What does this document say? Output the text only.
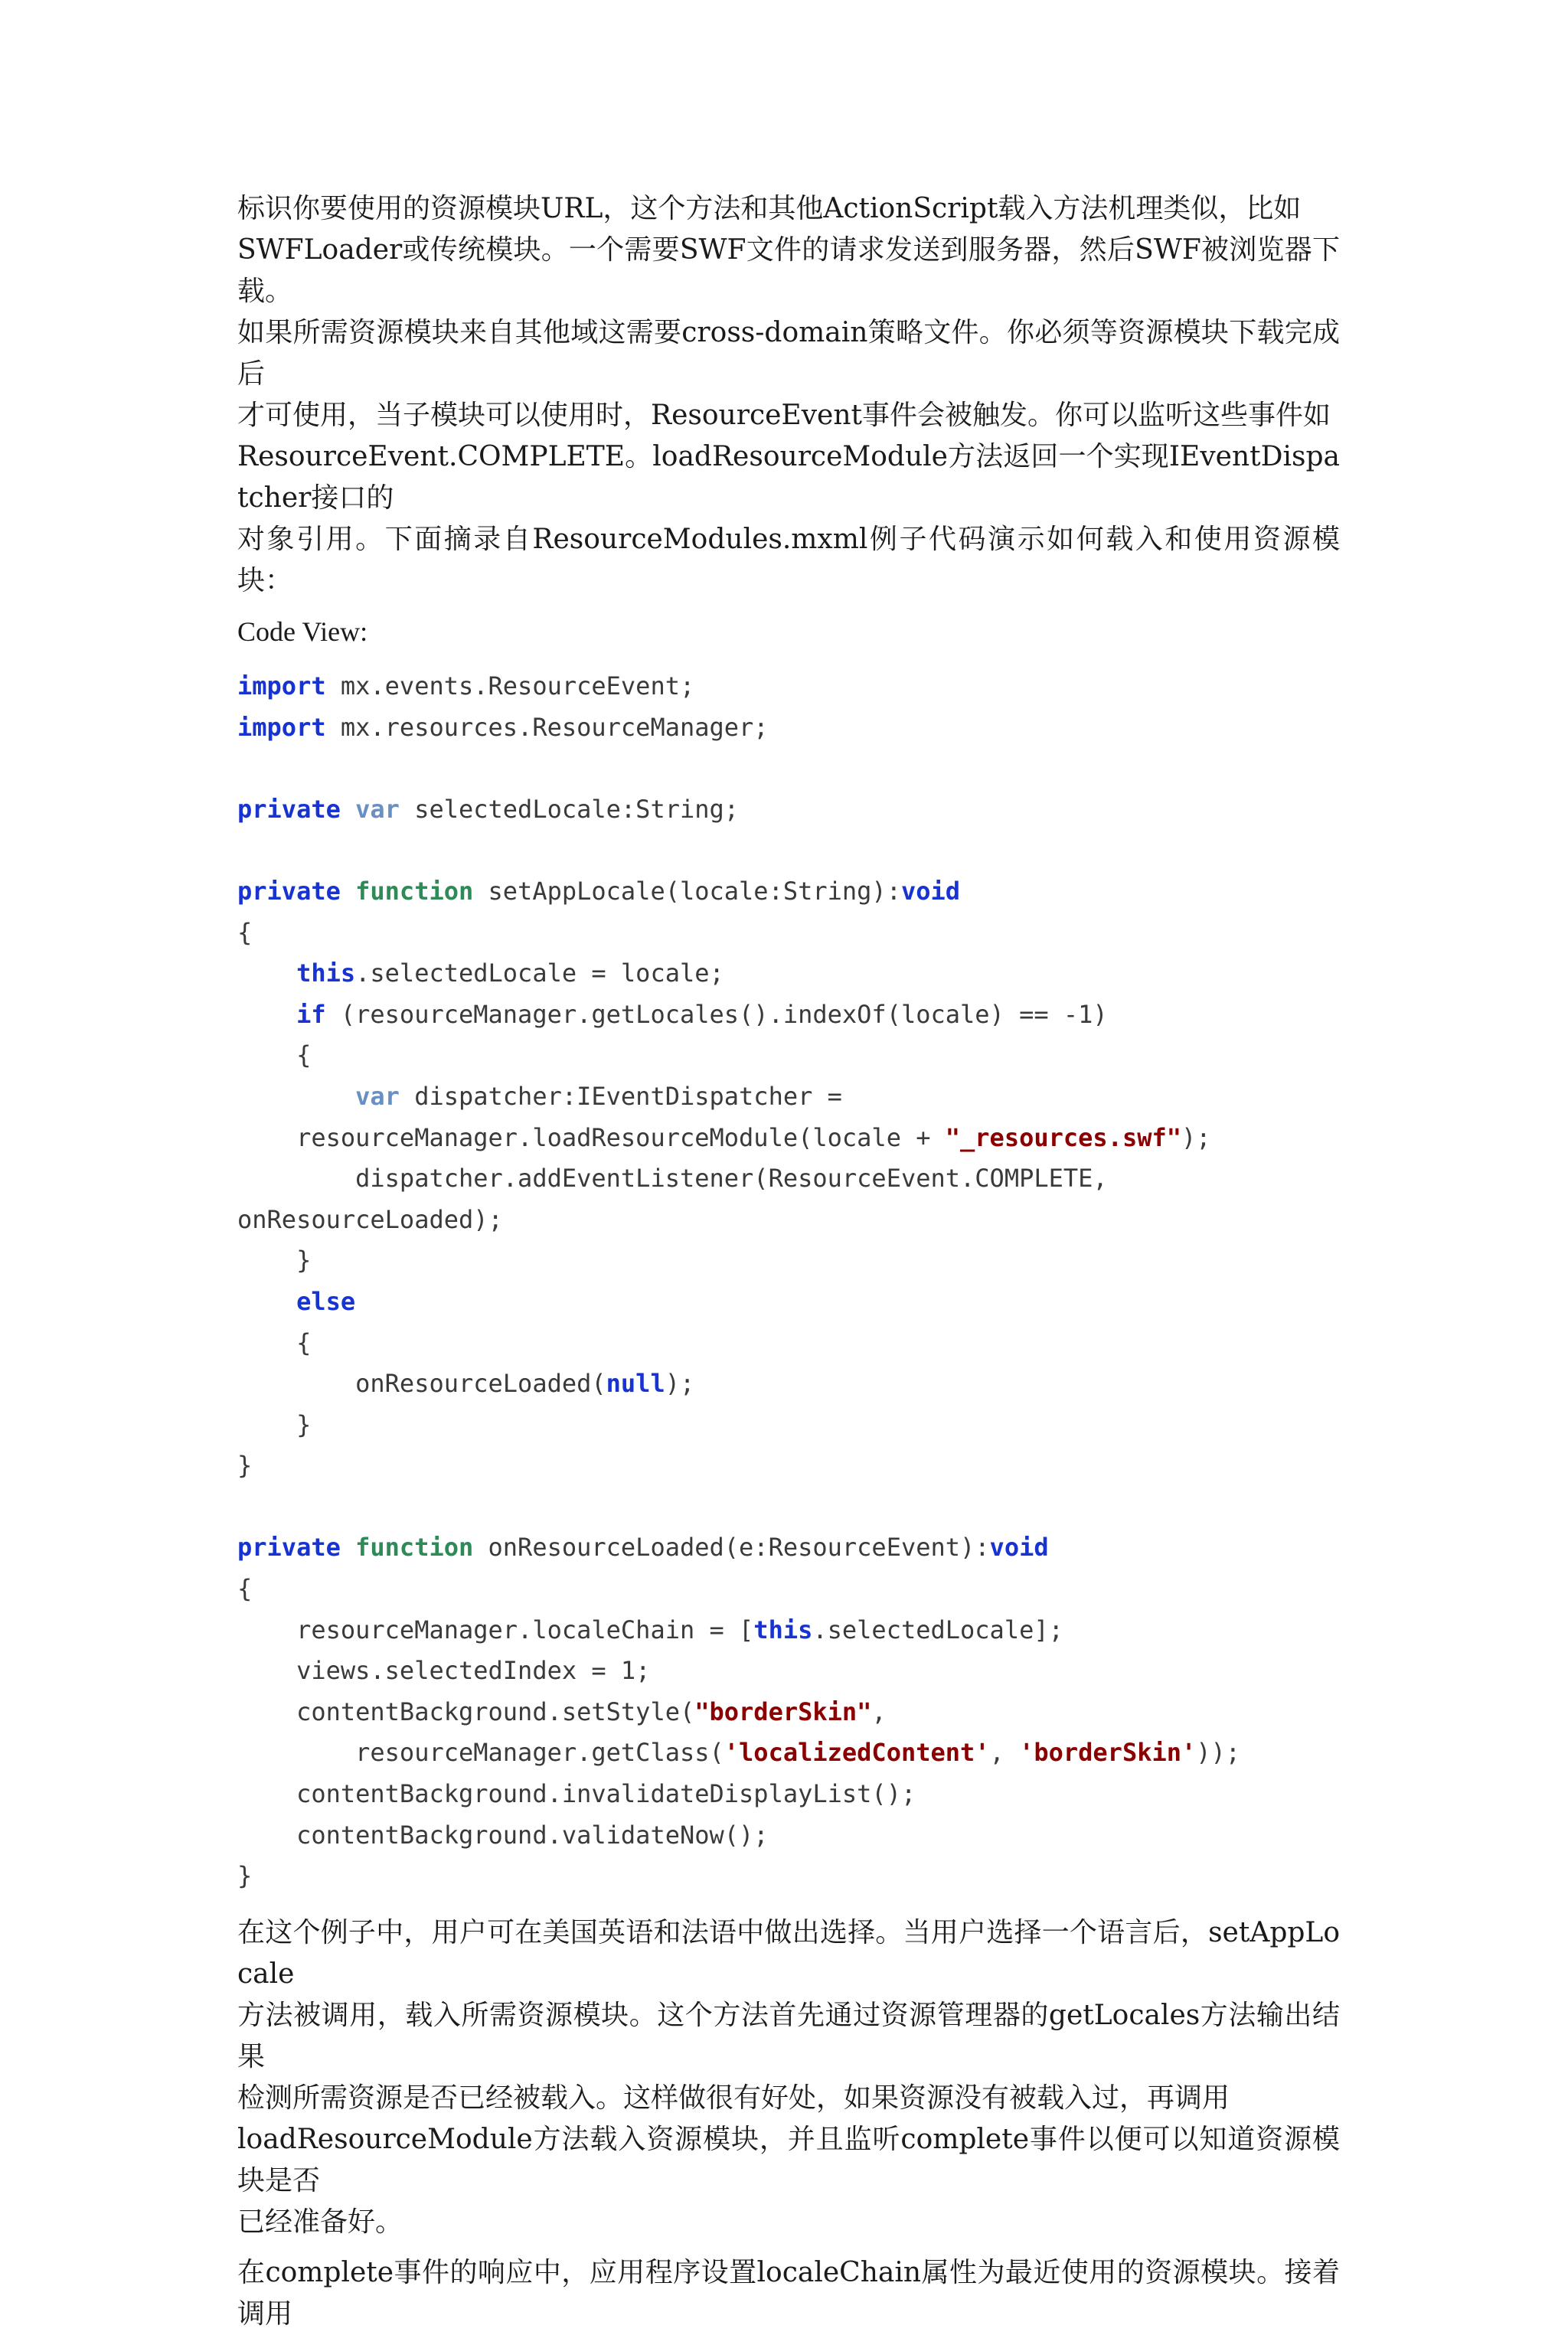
标识你要使用的资源模块URL，这个方法和其他ActionScript载入方法机理类似，比如
SWFLoader或传统模块。一个需要SWF文件的请求发送到服务器，然后SWF被浏览器下载。
如果所需资源模块来自其他域这需要cross-domain策略文件。你必须等资源模块下载完成后
才可使用，当子模块可以使用时，ResourceEvent事件会被触发。你可以监听这些事件如
ResourceEvent.COMPLETE。loadResourceModule方法返回一个实现IEventDispatcher接口的
对象引用。下面摘录自ResourceModules.mxml例子代码演示如何载入和使用资源模块：
Code View:
import mx.events.ResourceEvent;
import mx.resources.ResourceManager;

private var selectedLocale:String;

private function setAppLocale(locale:String):void
{
this.selectedLocale = locale;
if (resourceManager.getLocales().indexOf(locale) == -1)
{
var dispatcher:IEventDispatcher =
resourceManager.loadResourceModule(locale + "_resources.swf");
dispatcher.addEventListener(ResourceEvent.COMPLETE,
onResourceLoaded);
}
else
{
onResourceLoaded(null);
}
}

private function onResourceLoaded(e:ResourceEvent):void
{
resourceManager.localeChain = [this.selectedLocale];
views.selectedIndex = 1;
contentBackground.setStyle("borderSkin",
resourceManager.getClass('localizedContent', 'borderSkin'));
contentBackground.invalidateDisplayList();
contentBackground.validateNow();
}
在这个例子中，用户可在美国英语和法语中做出选择。当用户选择一个语言后，setAppLocale
方法被调用，载入所需资源模块。这个方法首先通过资源管理器的getLocales方法输出结果
检测所需资源是否已经被载入。这样做很有好处，如果资源没有被载入过，再调用
loadResourceModule方法载入资源模块，并且监听complete事件以便可以知道资源模块是否
已经准备好。
在complete事件的响应中，应用程序设置localeChain属性为最近使用的资源模块。接着调用
